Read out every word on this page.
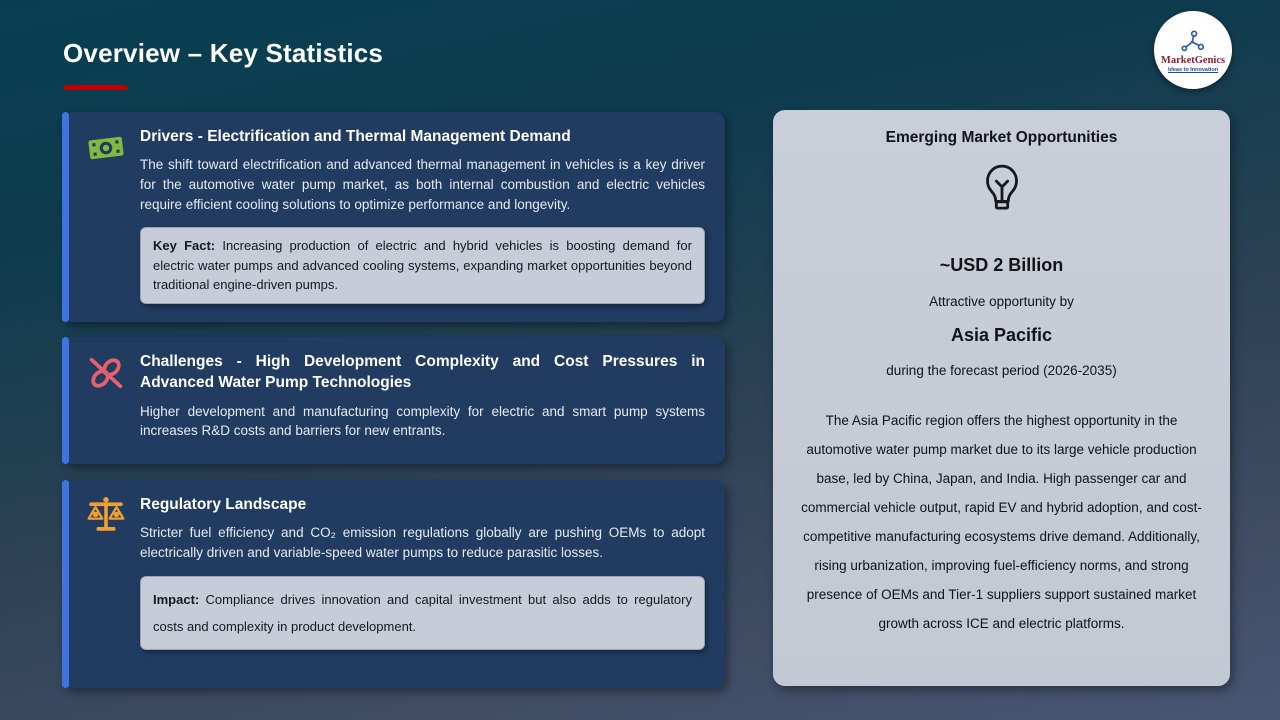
Overview – Key Statistics	MarketGenics
Ideas to Innovation
Drivers - Electrification and Thermal Management Demand

The shift toward electrification and advanced thermal management in vehicles is a key driver for the automotive water pump market, as both internal combustion and electric vehicles require efficient cooling solutions to optimize performance and longevity.

Key Fact: Increasing production of electric and hybrid vehicles is boosting demand for electric water pumps and advanced cooling systems, expanding market opportunities beyond traditional engine-driven pumps.
Challenges - High Development Complexity and Cost Pressures in Advanced Water Pump Technologies

Higher development and manufacturing complexity for electric and smart pump systems increases R&D costs and barriers for new entrants.

Regulatory Landscape

Stricter fuel efficiency and CO₂ emission regulations globally are pushing OEMs to adopt electrically driven and variable-speed water pumps to reduce parasitic losses.

Impact: Compliance drives innovation and capital investment but also adds to regulatory costs and complexity in product development.
Emerging Market Opportunities
~USD 2 Billion
Attractive opportunity by
Asia Pacific
during the forecast period (2026-2035)
The Asia Pacific region offers the highest opportunity in the automotive water pump market due to its large vehicle production base, led by China, Japan, and India. High passenger car and commercial vehicle output, rapid EV and hybrid adoption, and cost-competitive manufacturing ecosystems drive demand. Additionally, rising urbanization, improving fuel-efficiency norms, and strong presence of OEMs and Tier-1 suppliers support sustained market growth across ICE and electric platforms.
